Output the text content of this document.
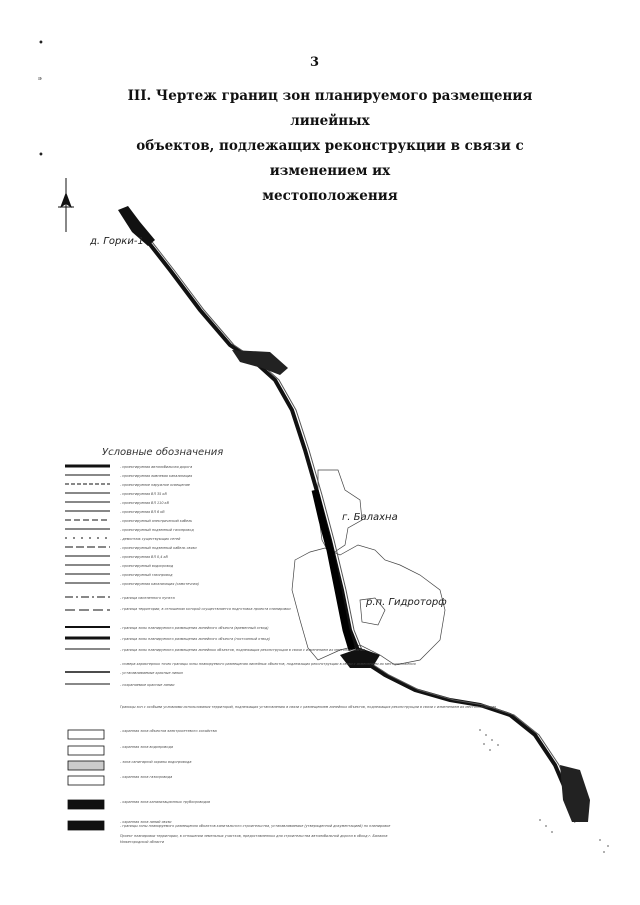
•
ₔ
•
3
III. Чертеж границ зон планируемого размещения линейных
объектов, подлежащих реконструкции в связи с изменением их
местоположения
д. Горки-1
г. Балахна
р.п. Гидроторф
Условные обозначения
- проектируемая автомобильная дорога
- проектируемая ливневая канализация
- проектируемое наружное освещение
- проектируемая ВЛ 35 кВ
- проектируемая ВЛ 110 кВ
- проектируемая ВЛ 6 кВ
- проектируемый электрический кабель
- проектируемый подземный газопровод
- демонтаж существующих сетей
- проектируемый подземный кабель связи
- проектируемая ВЛ 0,4 кВ
- проектируемый водопровод
- проектируемый газопровод
- проектируемая канализация (самотечная)
- граница населенного пункта
- граница территории, в отношении которой осуществляется подготовка проекта планировки
- граница зоны планируемого размещения линейного объекта (временный отвод)
- граница зоны планируемого размещения линейного объекта (постоянный отвод)
- граница зоны планируемого размещения линейных объектов, подлежащих реконструкции в связи с изменением их местоположения
- номера характерных точек границы зоны планируемого размещения линейных объектов, подлежащих реконструкции в связи с изменением их местоположения
- устанавливаемые красные линии
- сохраняемые красные линии
Границы зон с особыми условиями использования территорий, подлежащих установлению в связи с размещением линейных объектов, подлежащих реконструкции в связи с изменением их местоположения
- охранная зона объектов электросетевого хозяйства
- охранная зона водопровода
- зона санитарной охраны водопровода
- охранная зона газопровода
- охранная зона канализационных трубопроводов
- охранная зона линий связи
- границы зоны планируемого размещения объектов капитального строительства, устанавливаемые (утвержденной документацией) по планировке
Проект планировки территории, в отношении земельных участков, предоставленных для строительства автомобильной дороги в обход г. Балахна
Нижегородской области
